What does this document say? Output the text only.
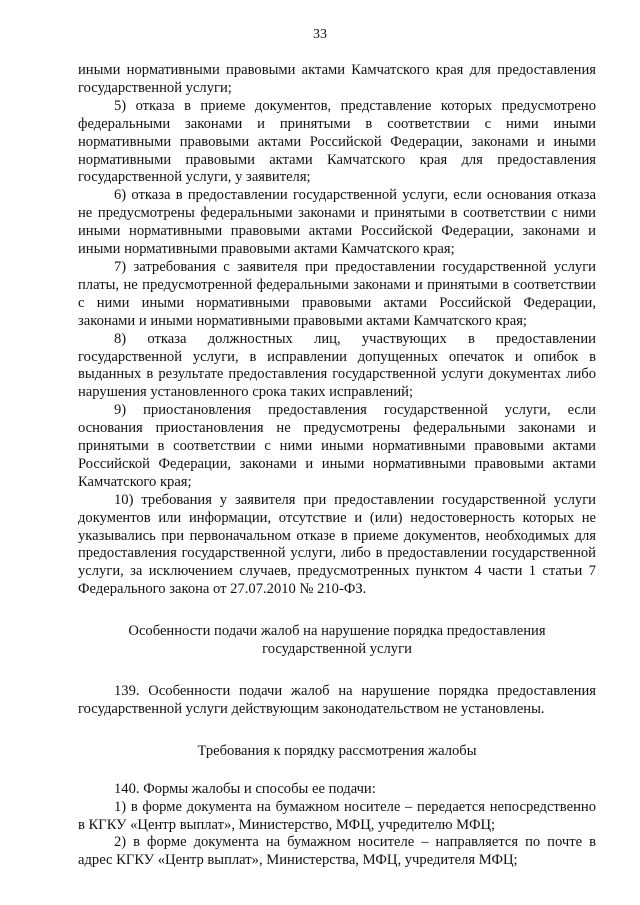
33

иными нормативными правовыми актами Камчатского края для предоставления государственной услуги;

5) отказа в приеме документов, представление которых предусмотрено федеральными законами и принятыми в соответствии с ними иными нормативными правовыми актами Российской Федерации, законами и иными нормативными правовыми актами Камчатского края для предоставления государственной услуги, у заявителя;

6) отказа в предоставлении государственной услуги, если основания отказа не предусмотрены федеральными законами и принятыми в соответствии с ними иными нормативными правовыми актами Российской Федерации, законами и иными нормативными правовыми актами Камчатского края;

7) затребования с заявителя при предоставлении государственной услуги платы, не предусмотренной федеральными законами и принятыми в соответствии с ними иными нормативными правовыми актами Российской Федерации, законами и иными нормативными правовыми актами Камчатского края;

8) отказа должностных лиц, участвующих в предоставлении государственной услуги, в исправлении допущенных опечаток и опибок в выданных в результате предоставления государственной услуги документах либо нарушения установленного срока таких исправлений;

9) приостановления предоставления государственной услуги, если основания приостановления не предусмотрены федеральными законами и принятыми в соответствии с ними иными нормативными правовыми актами Российской Федерации, законами и иными нормативными правовыми актами Камчатского края;

10) требования у заявителя при предоставлении государственной услуги документов или информации, отсутствие и (или) недостоверность которых не указывались при первоначальном отказе в приеме документов, необходимых для предоставления государственной услуги, либо в предоставлении государственной услуги, за исключением случаев, предусмотренных пунктом 4 части 1 статьи 7 Федерального закона от 27.07.2010 № 210-ФЗ.

Особенности подачи жалоб на нарушение порядка предоставления
государственной услуги

139. Особенности подачи жалоб на нарушение порядка предоставления государственной услуги действующим законодательством не установлены.

Требования к порядку рассмотрения жалобы

140. Формы жалобы и способы ее подачи:

1) в форме документа на бумажном носителе – передается непосредственно в КГКУ «Центр выплат», Министерство, МФЦ, учредителю МФЦ;

2) в форме документа на бумажном носителе – направляется по почте в адрес КГКУ «Центр выплат», Министерства, МФЦ, учредителя МФЦ;
